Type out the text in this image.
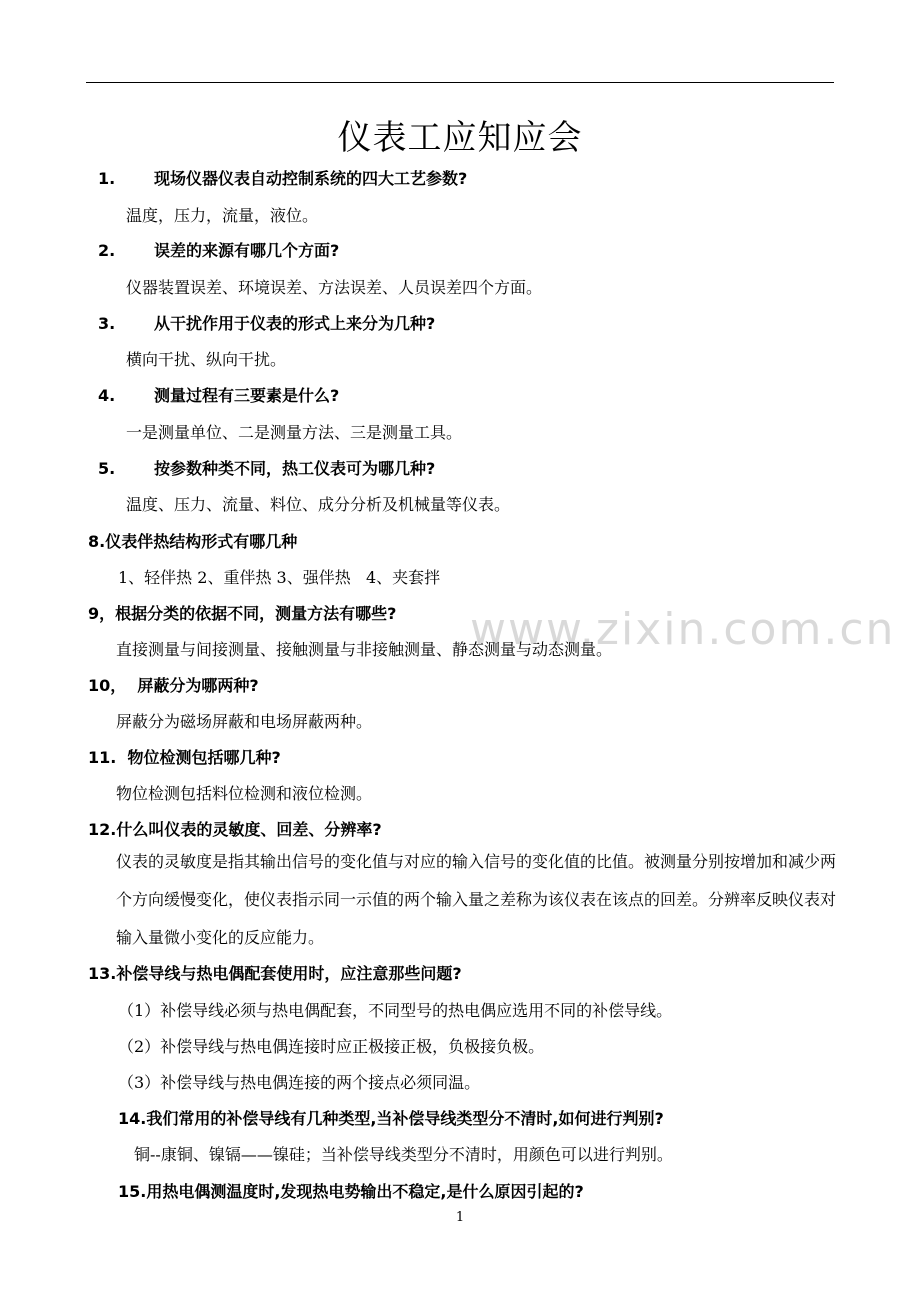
仪表工应知应会
www.zixin.com.cn
1. 现场仪器仪表自动控制系统的四大工艺参数?
温度，压力，流量，液位。
2. 误差的来源有哪几个方面?
仪器装置误差、环境误差、方法误差、人员误差四个方面。
3. 从干扰作用于仪表的形式上来分为几种?
横向干扰、纵向干扰。
4. 测量过程有三要素是什么?
一是测量单位、二是测量方法、三是测量工具。
5. 按参数种类不同，热工仪表可为哪几种?
温度、压力、流量、料位、成分分析及机械量等仪表。
8.仪表伴热结构形式有哪几种
1、轻伴热 2、重伴热 3、强伴热   4、夹套拌
9，根据分类的依据不同，测量方法有哪些?
直接测量与间接测量、接触测量与非接触测量、静态测量与动态测量。
10，  屏蔽分为哪两种?
屏蔽分为磁场屏蔽和电场屏蔽两种。
11.  物位检测包括哪几种?
物位检测包括料位检测和液位检测。
12.什么叫仪表的灵敏度、回差、分辨率?
仪表的灵敏度是指其输出信号的变化值与对应的输入信号的变化值的比值。被测量分别按增加和减少两个方向缓慢变化，使仪表指示同一示值的两个输入量之差称为该仪表在该点的回差。分辨率反映仪表对输入量微小变化的反应能力。
13.补偿导线与热电偶配套使用时，应注意那些问题?
（1）补偿导线必须与热电偶配套，不同型号的热电偶应选用不同的补偿导线。
（2）补偿导线与热电偶连接时应正极接正极，负极接负极。
（3）补偿导线与热电偶连接的两个接点必须同温。
14.我们常用的补偿导线有几种类型,当补偿导线类型分不清时,如何进行判别?
铜--康铜、镍镉——镍硅；当补偿导线类型分不清时，用颜色可以进行判别。
15.用热电偶测温度时,发现热电势输出不稳定,是什么原因引起的?
1
